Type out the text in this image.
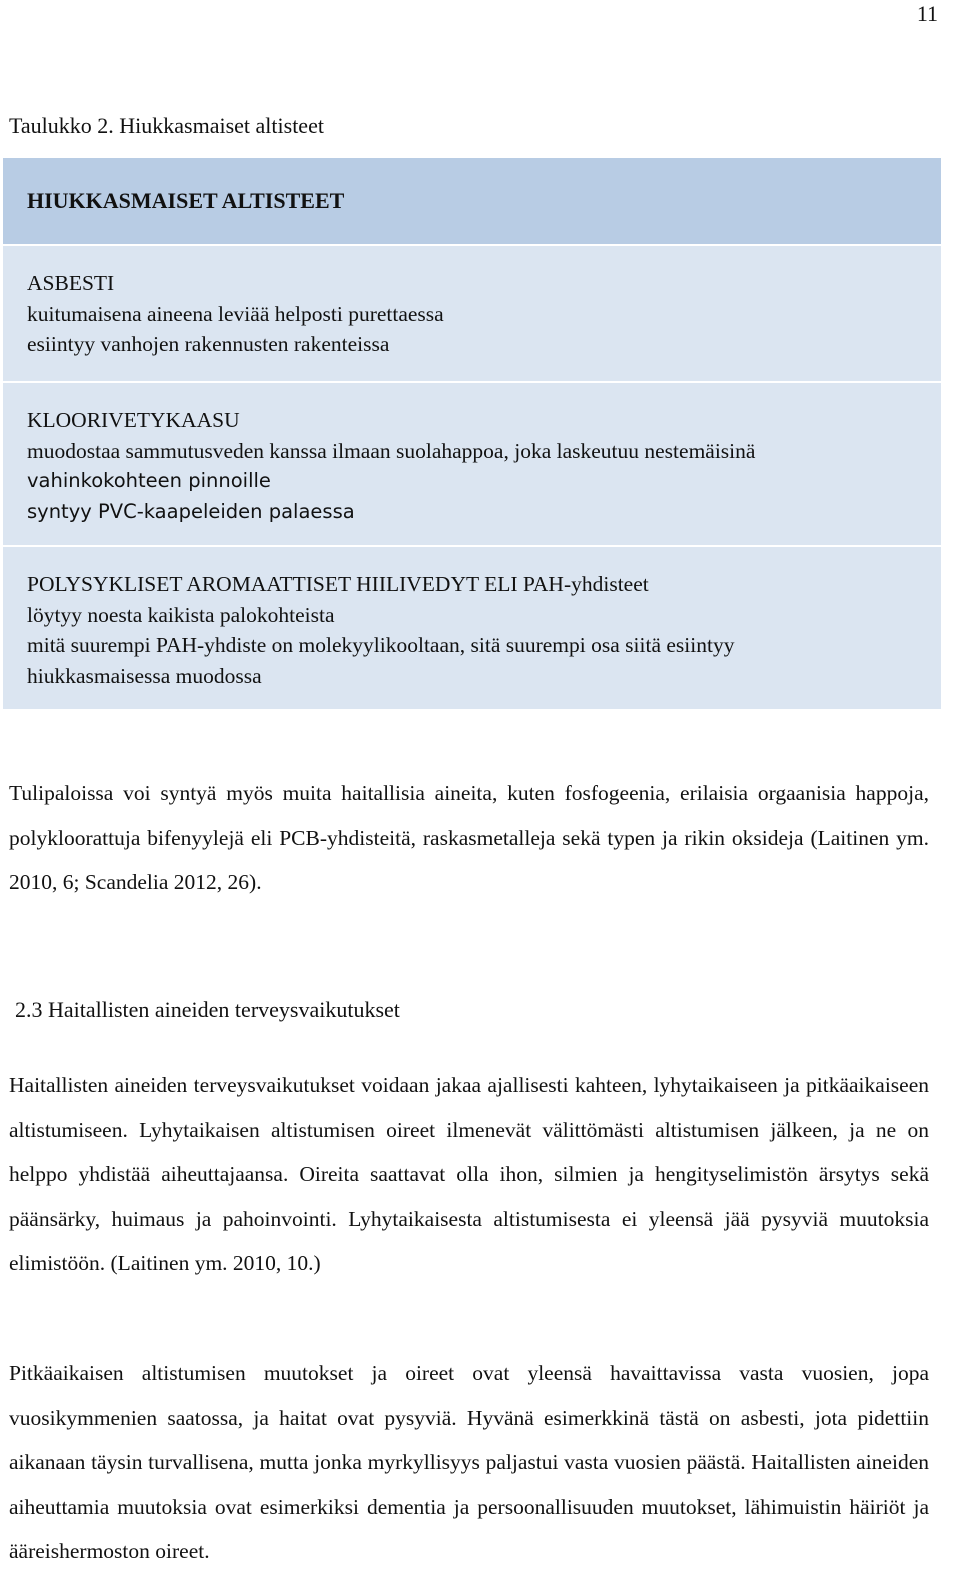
11
Taulukko 2. Hiukkasmaiset altisteet
HIUKKASMAISET ALTISTEET
ASBESTI
kuitumaisena aineena leviää helposti purettaessa
esiintyy vanhojen rakennusten rakenteissa
KLOORIVETYKAASU
muodostaa sammutusveden kanssa ilmaan suolahappoa, joka laskeutuu nestemäisinä
vahinkokohteen pinnoille
syntyy PVC-kaapeleiden palaessa
POLYSYKLISET AROMAATTISET HIILIVEDYT ELI PAH-yhdisteet
löytyy noesta kaikista palokohteista
mitä suurempi PAH-yhdiste on molekyylikooltaan, sitä suurempi osa siitä esiintyy
hiukkasmaisessa muodossa

Tulipaloissa voi syntyä myös muita haitallisia aineita, kuten fosfogeenia, erilaisia orgaanisia happoja, polykloorattuja bifenyylejä eli PCB-yhdisteitä, raskasmetalleja sekä typen ja rikin oksideja (Laitinen ym. 2010, 6; Scandelia 2012, 26).

2.3 Haitallisten aineiden terveysvaikutukset

Haitallisten aineiden terveysvaikutukset voidaan jakaa ajallisesti kahteen, lyhytaikaiseen ja pitkäaikaiseen altistumiseen. Lyhytaikaisen altistumisen oireet ilmenevät välittömästi altistumisen jälkeen, ja ne on helppo yhdistää aiheuttajaansa. Oireita saattavat olla ihon, silmien ja hengityselimistön ärsytys sekä päänsärky, huimaus ja pahoinvointi. Lyhytaikaisesta altistumisesta ei yleensä jää pysyviä muutoksia elimistöön. (Laitinen ym. 2010, 10.)

Pitkäaikaisen altistumisen muutokset ja oireet ovat yleensä havaittavissa vasta vuosien, jopa vuosikymmenien saatossa, ja haitat ovat pysyviä. Hyvänä esimerkkinä tästä on asbesti, jota pidettiin aikanaan täysin turvallisena, mutta jonka myrkyllisyys paljastui vasta vuosien päästä. Haitallisten aineiden aiheuttamia muutoksia ovat esimerkiksi dementia ja persoonallisuuden muutokset, lähimuistin häiriöt ja ääreishermoston oireet.
